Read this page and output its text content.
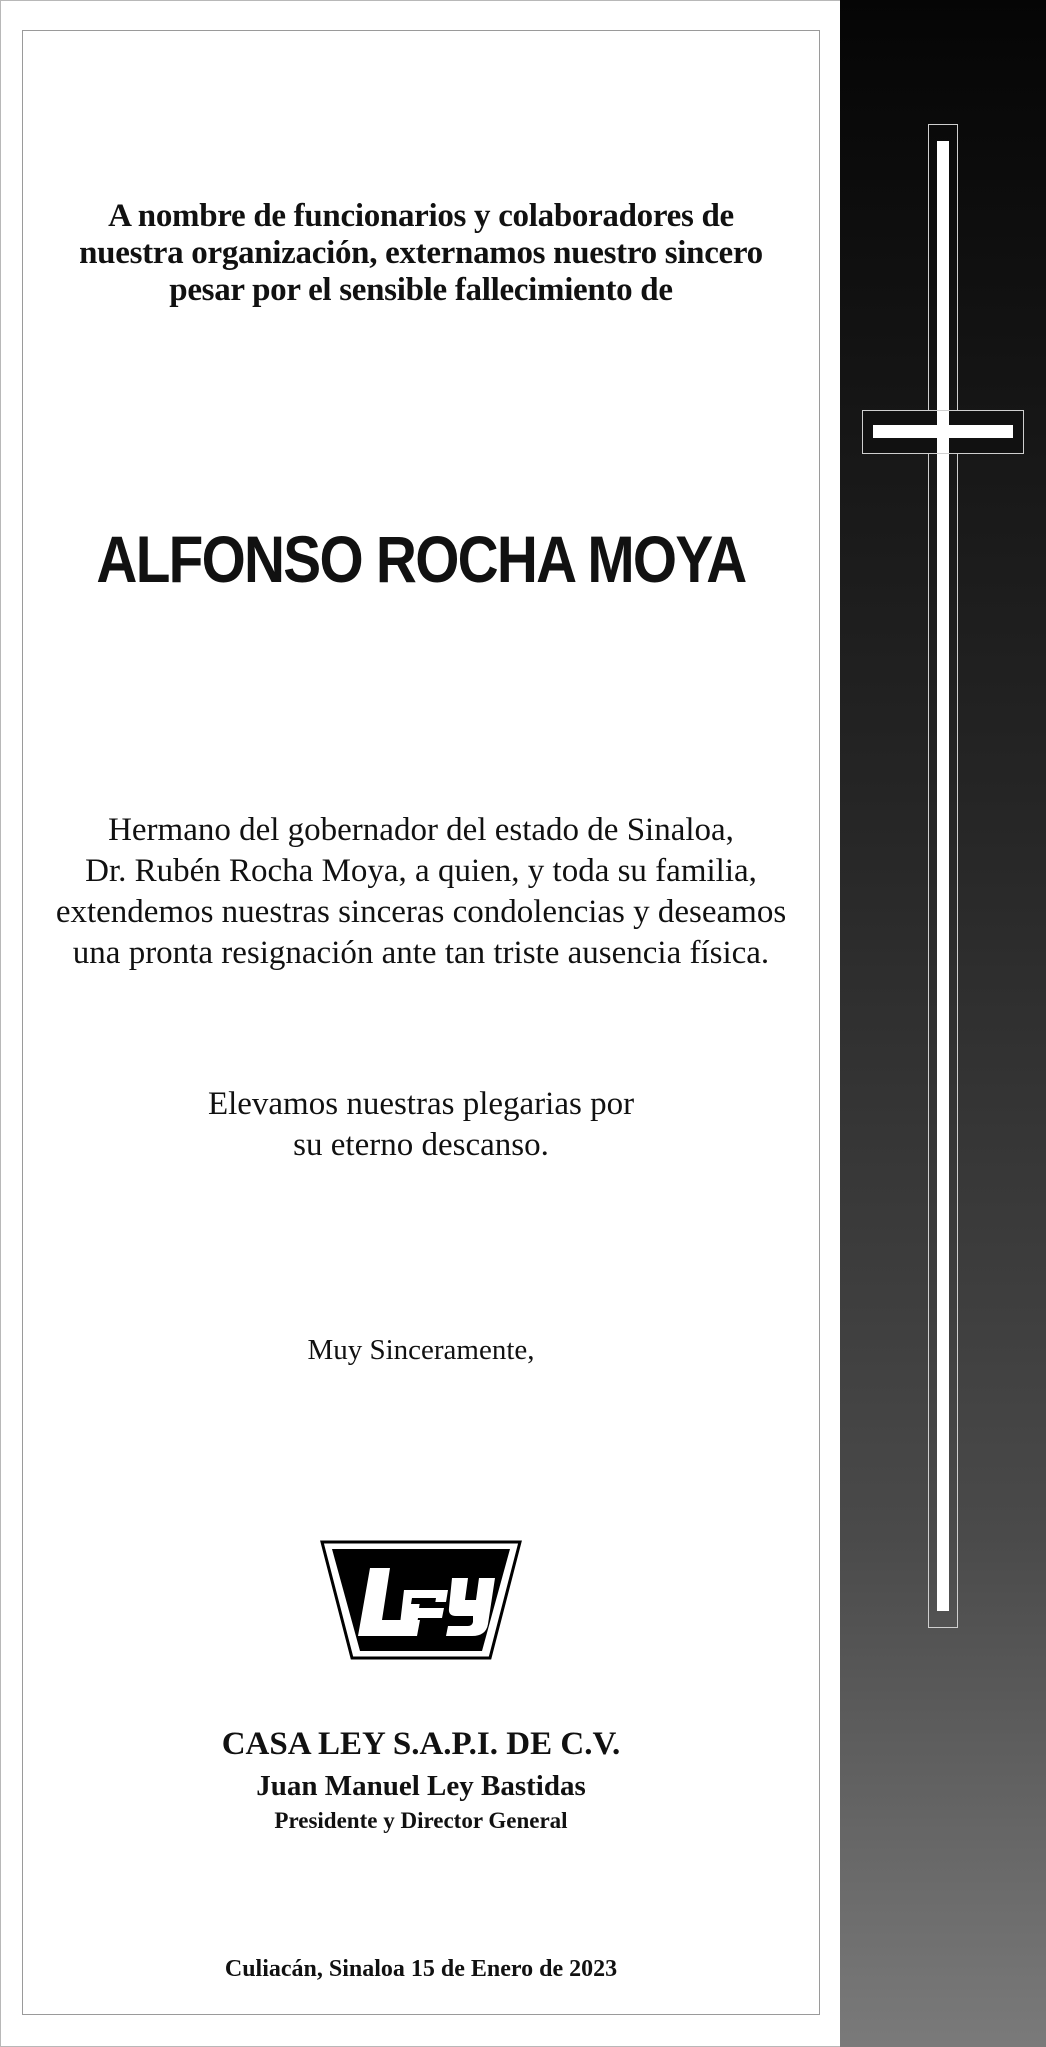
A nombre de funcionarios y colaboradores de
nuestra organización, externamos nuestro sincero
pesar por el sensible fallecimiento de
ALFONSO ROCHA MOYA
Hermano del gobernador del estado de Sinaloa,
Dr. Rubén Rocha Moya, a quien, y toda su familia,
extendemos nuestras sinceras condolencias y deseamos
una pronta resignación ante tan triste ausencia física.
Elevamos nuestras plegarias por
su eterno descanso.
Muy Sinceramente,
CASA LEY S.A.P.I. DE C.V.
Juan Manuel Ley Bastidas
Presidente y Director General
Culiacán, Sinaloa 15 de Enero de 2023
